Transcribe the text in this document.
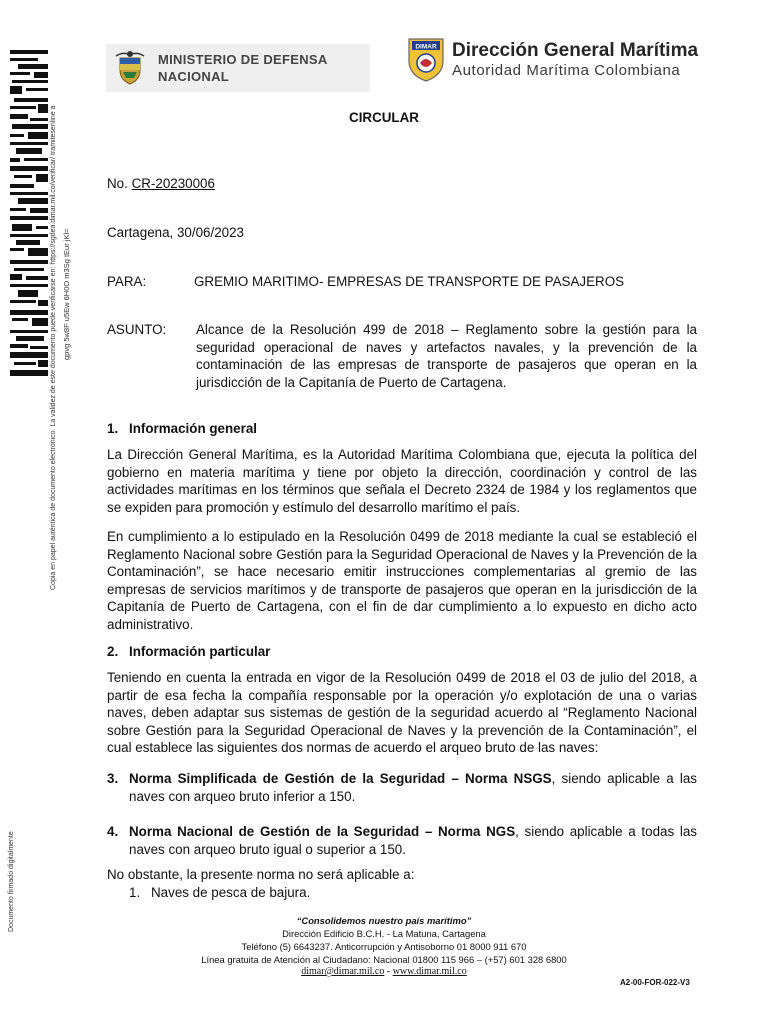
MINISTERIO DE DEFENSA
NACIONAL
DIMAR Dirección General Marítima
Autoridad Marítima Colombiana
Copia en papel auténtica de documento electrónico. La validez de este documento puede verificarse en: https://sgdea.dimar.mil.co/verificar/ tramitesenline a gpvg 5w8F u5Ew 6H0O m3Sg tEur jKl=
Documento firmado digitalmente
CIRCULAR
No. CR-20230006
Cartagena, 30/06/2023
PARA:	GREMIO MARITIMO- EMPRESAS DE TRANSPORTE DE PASAJEROS
ASUNTO: Alcance de la Resolución 499 de 2018 – Reglamento sobre la gestión para la seguridad operacional de naves y artefactos navales, y la prevención de la contaminación de las empresas de transporte de pasajeros que operan en la jurisdicción de la Capitanía de Puerto de Cartagena.
1. Información general
La Dirección General Marítima, es la Autoridad Marítima Colombiana que, ejecuta la política del gobierno en materia marítima y tiene por objeto la dirección, coordinación y control de las actividades marítimas en los términos que señala el Decreto 2324 de 1984 y los reglamentos que se expiden para promoción y estímulo del desarrollo marítimo el país.
En cumplimiento a lo estipulado en la Resolución 0499 de 2018 mediante la cual se estableció el Reglamento Nacional sobre Gestión para la Seguridad Operacional de Naves y la Prevención de la Contaminación”, se hace necesario emitir instrucciones complementarias al gremio de las empresas de servicios marítimos y de transporte de pasajeros que operan en la jurisdicción de la Capitanía de Puerto de Cartagena, con el fin de dar cumplimiento a lo expuesto en dicho acto administrativo.
2. Información particular
Teniendo en cuenta la entrada en vigor de la Resolución 0499 de 2018 el 03 de julio del 2018, a partir de esa fecha la compañía responsable por la operación y/o explotación de una o varias naves, deben adaptar sus sistemas de gestión de la seguridad acuerdo al “Reglamento Nacional sobre Gestión para la Seguridad Operacional de Naves y la prevención de la Contaminación”, el cual establece las siguientes dos normas de acuerdo el arqueo bruto de las naves:
3. Norma Simplificada de Gestión de la Seguridad – Norma NSGS, siendo aplicable a las naves con arqueo bruto inferior a 150.
4. Norma Nacional de Gestión de la Seguridad – Norma NGS, siendo aplicable a todas las naves con arqueo bruto igual o superior a 150.
No obstante, la presente norma no será aplicable a:
1. Naves de pesca de bajura.
“Consolidemos nuestro país marítimo”
Dirección Edificio B.C.H. - La Matuna, Cartagena
Teléfono (5) 6643237. Anticorrupción y Antisoborno 01 8000 911 670
Línea gratuita de Atención al Ciudadano: Nacional 01800 115 966 – (+57) 601 328 6800
dimar@dimar.mil.co - www.dimar.mil.co
A2-00-FOR-022-V3
